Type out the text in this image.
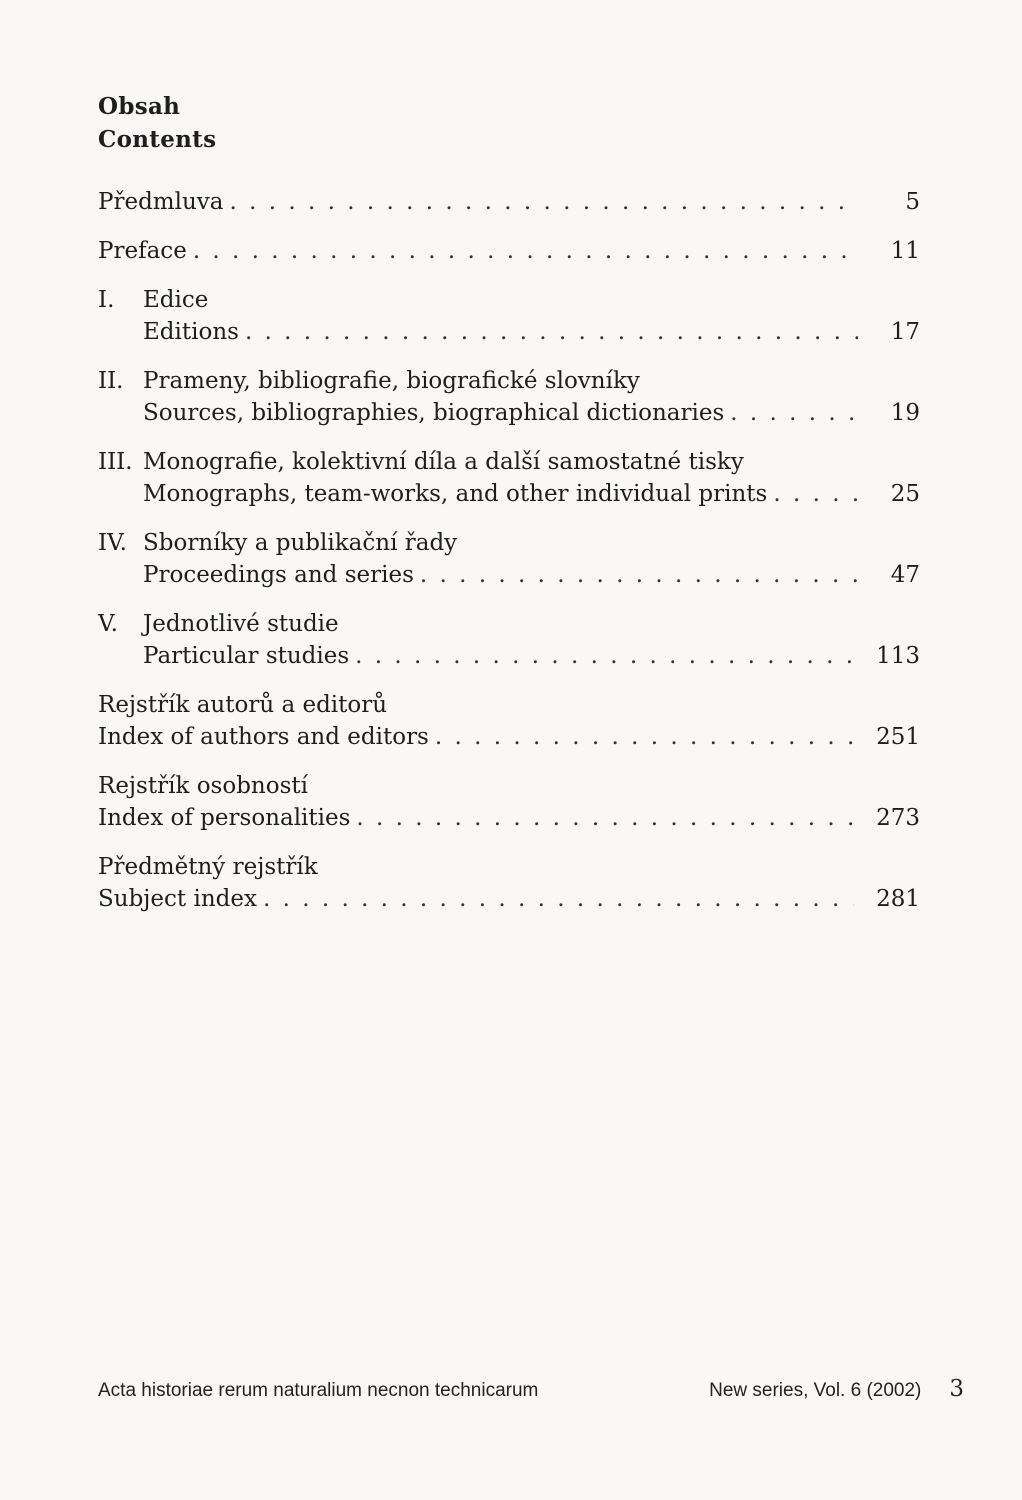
Obsah
Contents
Předmluva . . .	5
Preface . . .	11
I.	Edice
Editions . . .	17
II. Prameny, bibliografie, biografické slovníky
Sources, bibliographies, biographical dictionaries . . .	19
III. Monografie, kolektivní díla a další samostatné tisky
Monographs, team-works, and other individual prints . . .	25
IV. Sborníky a publikační řady
Proceedings and series . . .	47
V.	Jednotlivé studie
Particular studies . . .	113
Rejstřík autorů a editorů
Index of authors and editors . . .	251
Rejstřík osobností
Index of personalities . . .	273
Předmětný rejstřík
Subject index . . .	281
Acta historiae rerum naturalium necnon technicarum	New series, Vol. 6 (2002) 3
